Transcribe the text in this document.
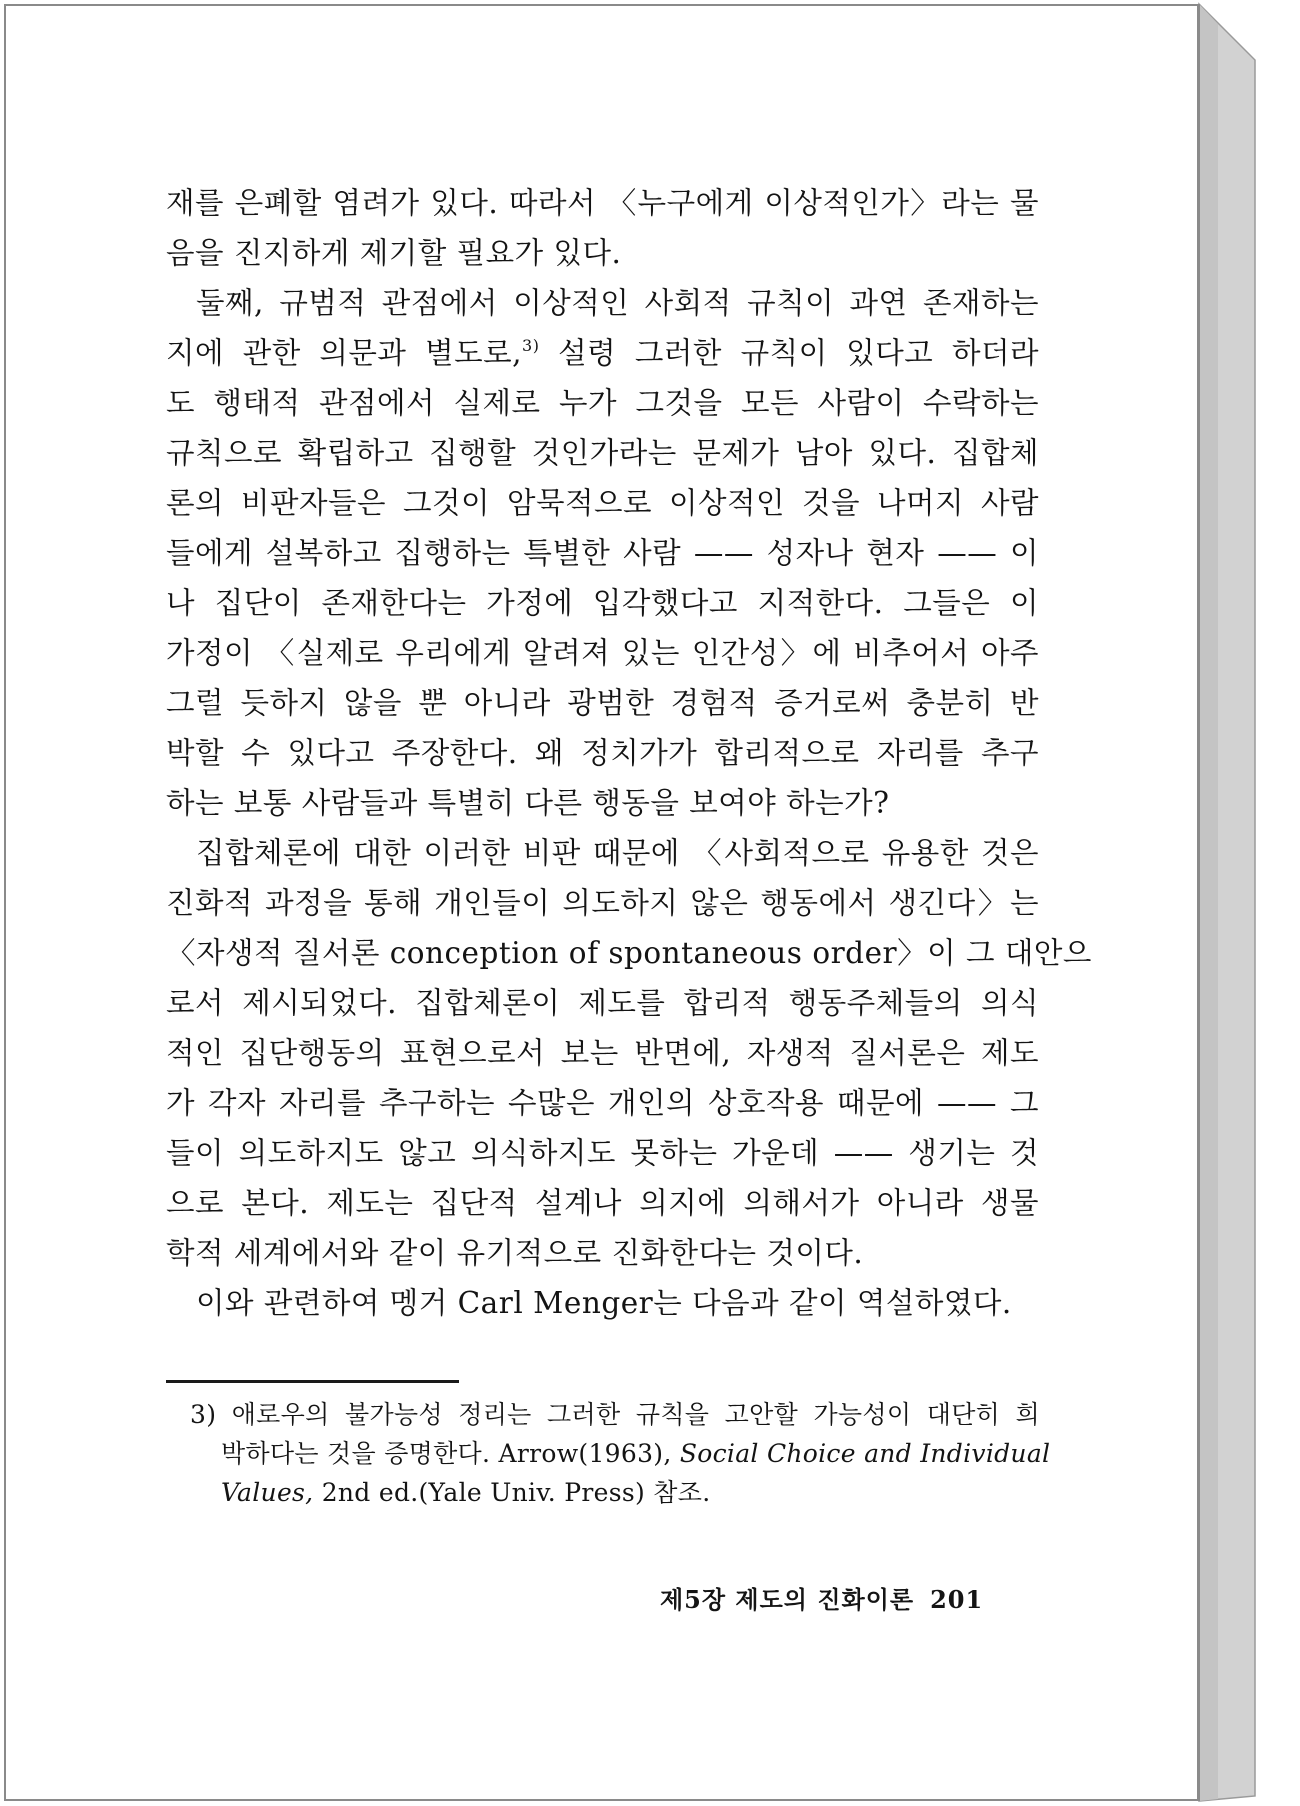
재를 은폐할 염려가 있다. 따라서 〈누구에게 이상적인가〉라는 물
음을 진지하게 제기할 필요가 있다.
둘째, 규범적 관점에서 이상적인 사회적 규칙이 과연 존재하는
지에 관한 의문과 별도로,$^{3)}$ 설령 그러한 규칙이 있다고 하더라
도 행태적 관점에서 실제로 누가 그것을 모든 사람이 수락하는
규칙으로 확립하고 집행할 것인가라는 문제가 남아 있다. 집합체
론의 비판자들은 그것이 암묵적으로 이상적인 것을 나머지 사람
들에게 설복하고 집행하는 특별한 사람 —— 성자나 현자 —— 이
나 집단이 존재한다는 가정에 입각했다고 지적한다. 그들은 이
가정이 〈실제로 우리에게 알려져 있는 인간성〉에 비추어서 아주
그럴 듯하지 않을 뿐 아니라 광범한 경험적 증거로써 충분히 반
박할 수 있다고 주장한다. 왜 정치가가 합리적으로 자리를 추구
하는 보통 사람들과 특별히 다른 행동을 보여야 하는가?
집합체론에 대한 이러한 비판 때문에 〈사회적으로 유용한 것은
진화적 과정을 통해 개인들이 의도하지 않은 행동에서 생긴다〉는
〈자생적 질서론 conception of spontaneous order〉이 그 대안으
로서 제시되었다. 집합체론이 제도를 합리적 행동주체들의 의식
적인 집단행동의 표현으로서 보는 반면에, 자생적 질서론은 제도
가 각자 자리를 추구하는 수많은 개인의 상호작용 때문에 —— 그
들이 의도하지도 않고 의식하지도 못하는 가운데 —— 생기는 것
으로 본다. 제도는 집단적 설계나 의지에 의해서가 아니라 생물
학적 세계에서와 같이 유기적으로 진화한다는 것이다.
이와 관련하여 멩거 Carl Menger는 다음과 같이 역설하였다.
3) 애로우의 불가능성 정리는 그러한 규칙을 고안할 가능성이 대단히 희
박하다는 것을 증명한다. Arrow(1963), Social Choice and Individual
Values, 2nd ed.(Yale Univ. Press) 참조.
제5장 제도의 진화이론 201
